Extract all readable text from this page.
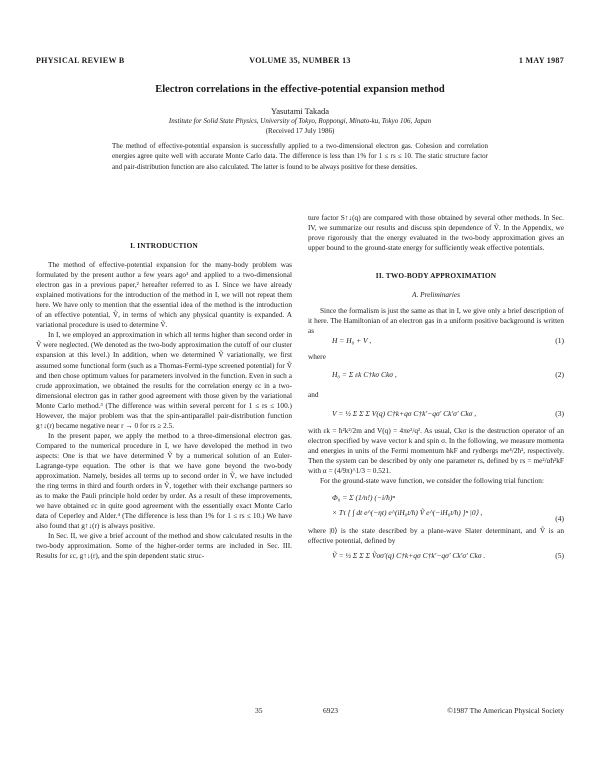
PHYSICAL REVIEW B	VOLUME 35, NUMBER 13	1 MAY 1987
Electron correlations in the effective-potential expansion method
Yasutami Takada
Institute for Solid State Physics, University of Tokyo, Roppongi, Minato-ku, Tokyo 106, Japan
(Received 17 July 1986)
The method of effective-potential expansion is successfully applied to a two-dimensional electron gas. Cohesion and correlation energies agree quite well with accurate Monte Carlo data. The difference is less than 1% for 1 ≤ rs ≤ 10. The static structure factor and pair-distribution function are also calculated. The latter is found to be always positive for these densities.
I. INTRODUCTION

The method of effective-potential expansion for the many-body problem was formulated by the present author a few years ago¹ and applied to a two-dimensional electron gas in a previous paper,² hereafter referred to as I. Since we have already explained motivations for the introduction of the method in I, we will not repeat them here. We have only to mention that the essential idea of the method is the introduction of an effective potential, Ṽ, in terms of which any physical quantity is expanded. A variational procedure is used to determine Ṽ.

In I, we employed an approximation in which all terms higher than second order in Ṽ were neglected. (We denoted as the two-body approximation the cutoff of our cluster expansion at this level.) In addition, when we determined Ṽ variationally, we first assumed some functional form (such as a Thomas-Fermi-type screened potential) for Ṽ and then chose optimum values for parameters involved in the function. Even in such a crude approximation, we obtained the results for the correlation energy εc in a two-dimensional electron gas in rather good agreement with those given by the variational Monte Carlo method.³ (The difference was within several percent for 1 ≤ rs ≤ 100.) However, the major problem was that the spin-antiparallel pair-distribution function g↑↓(r) became negative near r → 0 for rs ≥ 2.5.

In the present paper, we apply the method to a three-dimensional electron gas. Compared to the numerical procedure in I, we have developed the method in two aspects: One is that we have determined Ṽ by a numerical solution of an Euler-Lagrange-type equation. The other is that we have gone beyond the two-body approximation. Namely, besides all terms up to second order in Ṽ, we have included the ring terms in third and fourth orders in Ṽ, together with their exchange partners so as to make the Pauli principle hold order by order. As a result of these improvements, we have obtained εc in quite good agreement with the essentially exact Monte Carlo data of Ceperley and Alder.⁴ (The difference is less than 1% for 1 ≤ rs ≤ 10.) We have also found that g↑↓(r) is always positive.

In Sec. II, we give a brief account of the method and show calculated results in the two-body approximation. Some of the higher-order terms are included in Sec. III. Results for εc, g↑↓(r), and the spin dependent static struc-

ture factor S↑↓(q) are compared with those obtained by several other methods. In Sec. IV, we summarize our results and discuss spin dependence of Ṽ. In the Appendix, we prove rigorously that the energy evaluated in the two-body approximation gives an upper bound to the ground-state energy for sufficiently weak effective potentials.
II. TWO-BODY APPROXIMATION
A. Preliminaries

Since the formalism is just the same as that in I, we give only a brief description of it here. The Hamiltonian of an electron gas in a uniform positive background is written as

H = H₀ + V ,	(1)
where
H₀ = Σ εk C†kσ Ckσ ,	(2)
and
V = ½ Σ Σ Σ V(q) C†k+qσ C†k′−qσ′ Ck′σ′ Ckσ ,	(3)
with εk = ħ²k²/2m and V(q) = 4πe²/q². As usual, Ckσ is the destruction operator of an electron specified by wave vector k and spin σ. In the following, we measure momenta and energies in units of the Fermi momentum ħkF and rydbergs me⁴/2ħ², respectively. Then the system can be described by only one parameter rs, defined by rs = me²/αħ²kF with α = (4/9π)^1/3 = 0.521.

For the ground-state wave function, we consider the following trial function:

Φ₀ = Σ (1/n!) (−i/ħ)ⁿ
× Tτ [ ∫ dt e^(−ηt) e^(iH₀t/ħ) Ṽ e^(−iH₀t/ħ) ]ⁿ |0⟩ ,
(4)
where |0⟩ is the state described by a plane-wave Slater determinant, and Ṽ is an effective potential, defined by
Ṽ = ½ Σ Σ Σ Ṽσσ′(q) C†k+qσ C†k′−qσ′ Ck′σ′ Ckσ .	(5)
35	6923	©1987 The American Physical Society
